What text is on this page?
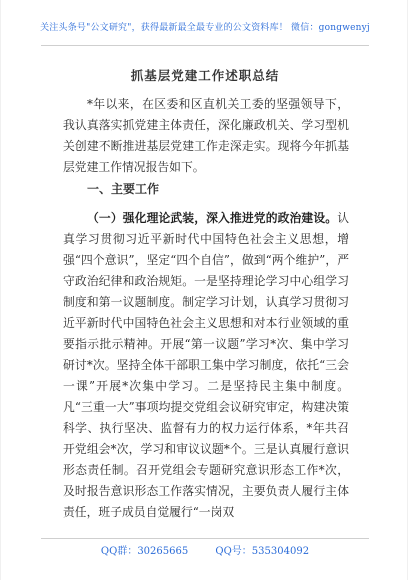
关注头条号"公文研究"，获得最新最全最专业的公文资料库！ 微信：gongwenyj
抓基层党建工作述职总结

*年以来，在区委和区直机关工委的坚强领导下，我认真落实抓党建主体责任，深化廉政机关、学习型机关创建不断推进基层党建工作走深走实。现将今年抓基层党建工作情况报告如下。

一、主要工作

（一）强化理论武装，深入推进党的政治建设。认真学习贯彻习近平新时代中国特色社会主义思想，增强“四个意识”，坚定“四个自信”，做到“两个维护”，严守政治纪律和政治规矩。一是坚持理论学习中心组学习制度和第一议题制度。制定学习计划，认真学习贯彻习近平新时代中国特色社会主义思想和对本行业领域的重要指示批示精神。开展“第一议题”学习*次、集中学习研讨*次。坚持全体干部职工集中学习制度，依托“三会一课”开展*次集中学习。二是坚持民主集中制度。凡“三重一大”事项均提交党组会议研究审定，构建决策科学、执行坚决、监督有力的权力运行体系，*年共召开党组会*次，学习和审议议题*个。三是认真履行意识形态责任制。召开党组会专题研究意识形态工作*次，及时报告意识形态工作落实情况，主要负责人履行主体责任，班子成员自觉履行“一岗双

QQ群：30265665	QQ号：535304092
